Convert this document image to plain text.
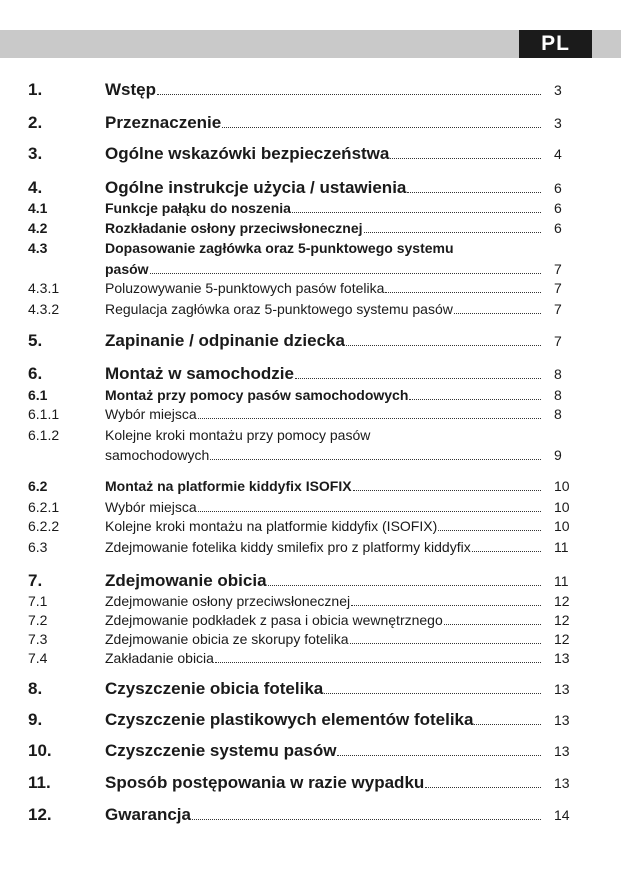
PL
1.	Wstęp	3
2.	Przeznaczenie	3
3.	Ogólne wskazówki bezpieczeństwa	4
4.	Ogólne instrukcje użycia / ustawienia	6
4.1	Funkcje pałąku do noszenia	6
4.2	Rozkładanie osłony przeciwsłonecznej	6
4.3	Dopasowanie zagłówka oraz 5-punktowego systemu
pasów	7
4.3.1	Poluzowywanie 5-punktowych pasów fotelika	7
4.3.2	Regulacja zagłówka oraz 5-punktowego systemu pasów	7
5.	Zapinanie / odpinanie dziecka	7
6.	Montaż w samochodzie	8
6.1	Montaż przy pomocy pasów samochodowych	8
6.1.1	Wybór miejsca	8
6.1.2	Kolejne kroki montażu przy pomocy pasów
samochodowych	9
6.2	Montaż na platformie kiddyfix ISOFIX	10
6.2.1	Wybór miejsca	10
6.2.2	Kolejne kroki montażu na platformie kiddyfix (ISOFIX)	10
6.3	Zdejmowanie fotelika kiddy smilefix pro z platformy kiddyfix	11
7.	Zdejmowanie obicia	11
7.1	Zdejmowanie osłony przeciwsłonecznej	12
7.2	Zdejmowanie podkładek z pasa i obicia wewnętrznego	12
7.3	Zdejmowanie obicia ze skorupy fotelika	12
7.4	Zakładanie obicia	13
8.	Czyszczenie obicia fotelika	13
9.	Czyszczenie plastikowych elementów fotelika	13
10.	Czyszczenie systemu pasów	13
11.	Sposób postępowania w razie wypadku	13
12.	Gwarancja	14
